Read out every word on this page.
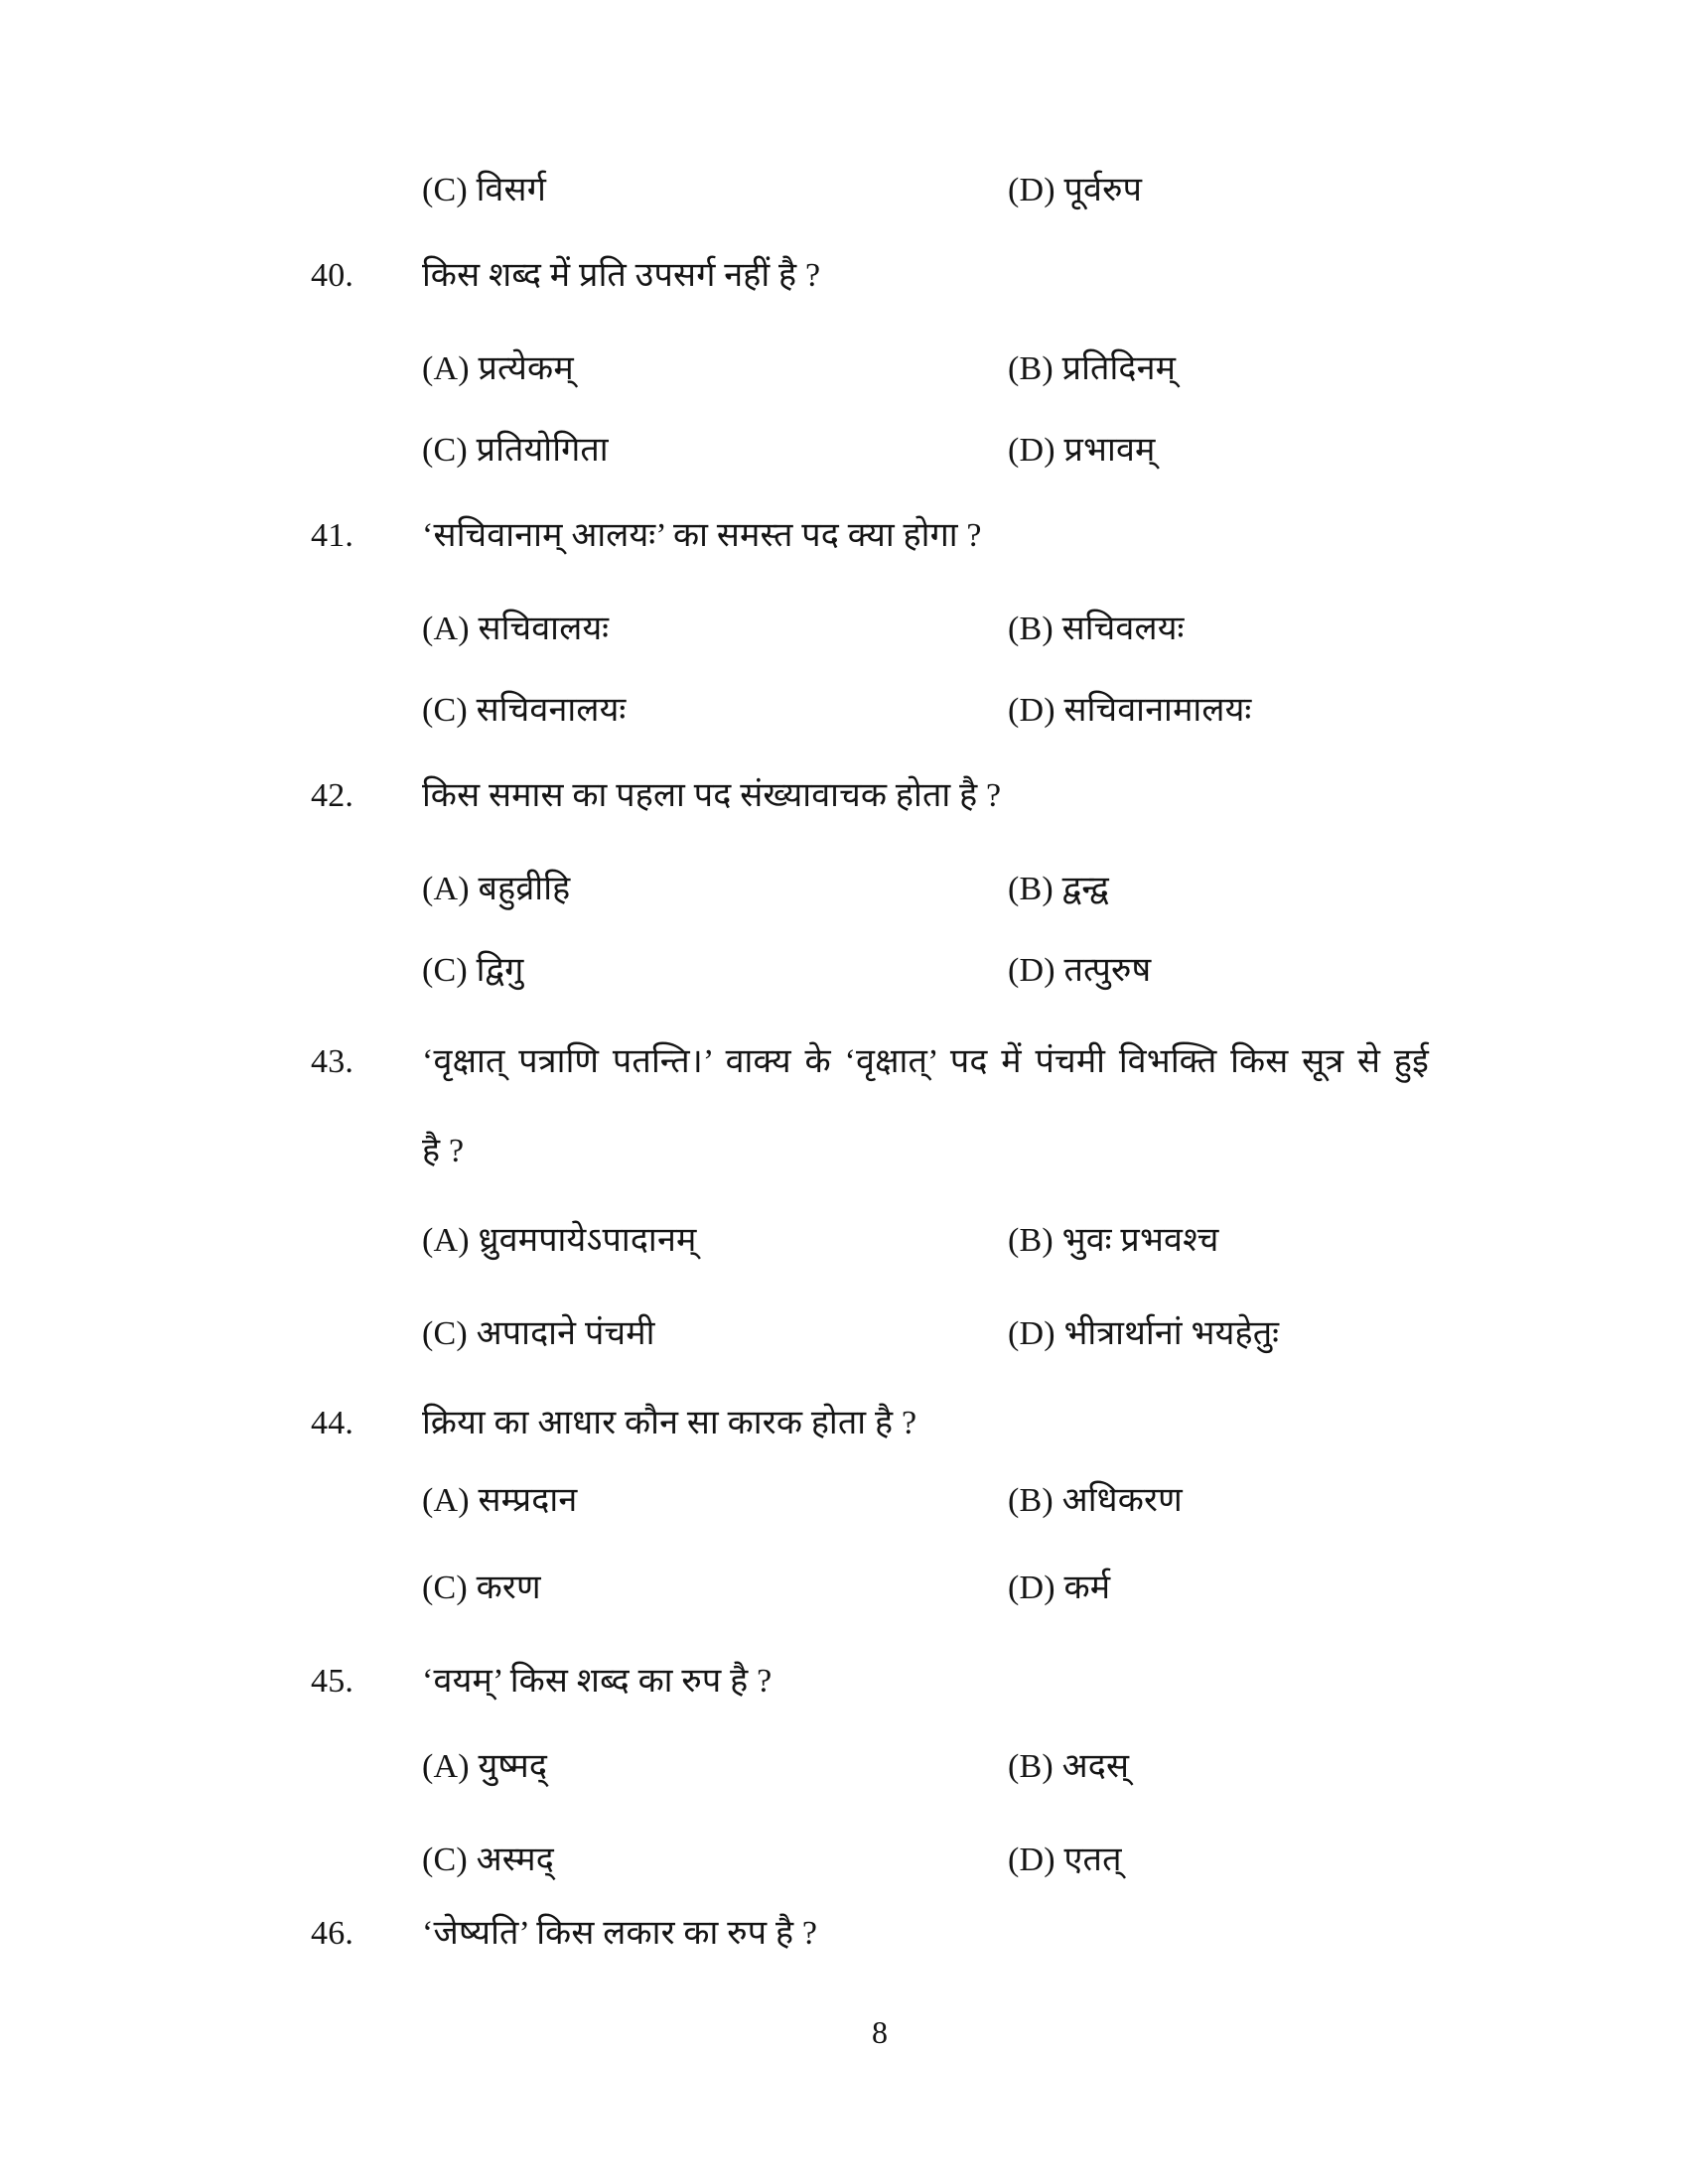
(C) विसर्ग	(D) पूर्वरुप
40. किस शब्द में प्रति उपसर्ग नहीं है ?
(A) प्रत्येकम्	(B) प्रतिदिनम्
(C) प्रतियोगिता	(D) प्रभावम्
41. ‘सचिवानाम् आलयः’ का समस्त पद क्या होगा ?
(A) सचिवालयः	(B) सचिवलयः
(C) सचिवनालयः	(D) सचिवानामालयः
42. किस समास का पहला पद संख्यावाचक होता है ?
(A) बहुव्रीहि	(B) द्वन्द्व
(C) द्विगु	(D) तत्पुरुष
43. ‘वृक्षात् पत्राणि पतन्ति।’ वाक्य के ‘वृक्षात्’ पद में पंचमी विभक्ति किस सूत्र से हुई
है ?
(A) ध्रुवमपायेऽपादानम्	(B) भुवः प्रभवश्च
(C) अपादाने पंचमी	(D) भीत्रार्थानां भयहेतुः
44. क्रिया का आधार कौन सा कारक होता है ?
(A) सम्प्रदान	(B) अधिकरण
(C) करण	(D) कर्म
45. ‘वयम्’ किस शब्द का रुप है ?
(A) युष्मद्	(B) अदस्
(C) अस्मद्	(D) एतत्
46. ‘जेष्यति’ किस लकार का रुप है ?
8
